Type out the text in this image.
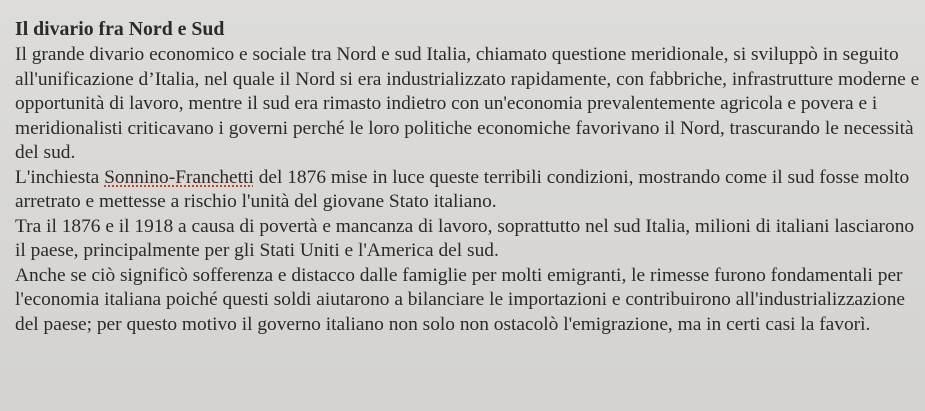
Il divario fra Nord e Sud

Il grande divario economico e sociale tra Nord e sud Italia, chiamato questione meridionale, si sviluppò in seguito all'unificazione d’Italia, nel quale il Nord si era industrializzato rapidamente, con fabbriche, infrastrutture moderne e opportunità di lavoro, mentre il sud era rimasto indietro con un'economia prevalentemente agricola e povera e i meridionalisti criticavano i governi perché le loro politiche economiche favorivano il Nord, trascurando le necessità del sud.

L'inchiesta Sonnino-Franchetti del 1876 mise in luce queste terribili condizioni, mostrando come il sud fosse molto arretrato e mettesse a rischio l'unità del giovane Stato italiano.

Tra il 1876 e il 1918 a causa di povertà e mancanza di lavoro, soprattutto nel sud Italia, milioni di italiani lasciarono il paese, principalmente per gli Stati Uniti e l'America del sud.

Anche se ciò significò sofferenza e distacco dalle famiglie per molti emigranti, le rimesse furono fondamentali per l'economia italiana poiché questi soldi aiutarono a bilanciare le importazioni e contribuirono all'industrializzazione del paese; per questo motivo il governo italiano non solo non ostacolò l'emigrazione, ma in certi casi la favorì.
